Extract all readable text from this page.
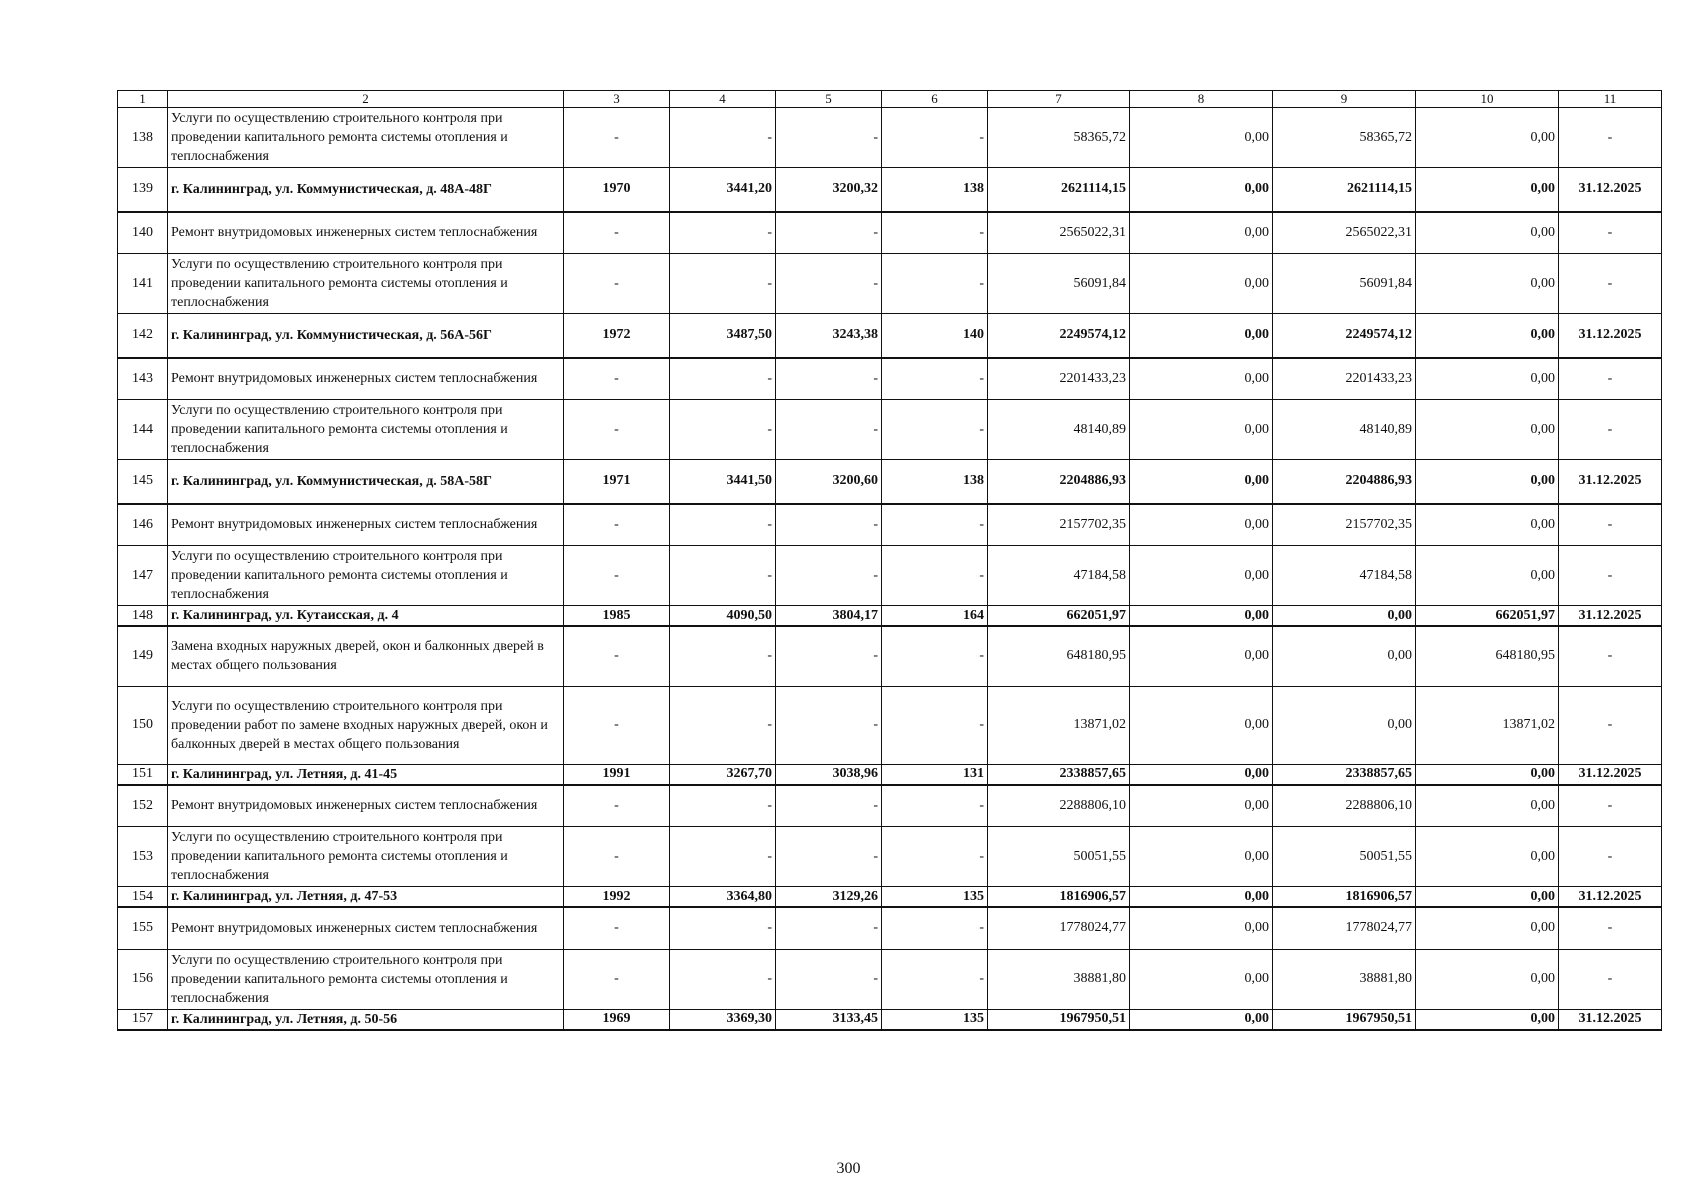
1	2	3	4	5	6	7	8	9	10	11
138	Услуги по осуществлению строительного контроля при проведении капитального ремонта системы отопления и теплоснабжения	-	-	-	-	58365,72	0,00	58365,72	0,00	-
139	г. Калининград, ул. Коммунистическая, д. 48А-48Г	1970	3441,20	3200,32	138	2621114,15	0,00	2621114,15	0,00	31.12.2025
140	Ремонт внутридомовых инженерных систем теплоснабжения	-	-	-	-	2565022,31	0,00	2565022,31	0,00	-
141	Услуги по осуществлению строительного контроля при проведении капитального ремонта системы отопления и теплоснабжения	-	-	-	-	56091,84	0,00	56091,84	0,00	-
142	г. Калининград, ул. Коммунистическая, д. 56А-56Г	1972	3487,50	3243,38	140	2249574,12	0,00	2249574,12	0,00	31.12.2025
143	Ремонт внутридомовых инженерных систем теплоснабжения	-	-	-	-	2201433,23	0,00	2201433,23	0,00	-
144	Услуги по осуществлению строительного контроля при проведении капитального ремонта системы отопления и теплоснабжения	-	-	-	-	48140,89	0,00	48140,89	0,00	-
145	г. Калининград, ул. Коммунистическая, д. 58А-58Г	1971	3441,50	3200,60	138	2204886,93	0,00	2204886,93	0,00	31.12.2025
146	Ремонт внутридомовых инженерных систем теплоснабжения	-	-	-	-	2157702,35	0,00	2157702,35	0,00	-
147	Услуги по осуществлению строительного контроля при проведении капитального ремонта системы отопления и теплоснабжения	-	-	-	-	47184,58	0,00	47184,58	0,00	-
148	г. Калининград, ул. Кутаисская, д. 4	1985	4090,50	3804,17	164	662051,97	0,00	0,00	662051,97	31.12.2025
149	Замена входных наружных дверей, окон и балконных дверей в местах общего пользования	-	-	-	-	648180,95	0,00	0,00	648180,95	-
150	Услуги по осуществлению строительного контроля при проведении работ по замене входных наружных дверей, окон и балконных дверей в местах общего пользования	-	-	-	-	13871,02	0,00	0,00	13871,02	-
151	г. Калининград, ул. Летняя, д. 41-45	1991	3267,70	3038,96	131	2338857,65	0,00	2338857,65	0,00	31.12.2025
152	Ремонт внутридомовых инженерных систем теплоснабжения	-	-	-	-	2288806,10	0,00	2288806,10	0,00	-
153	Услуги по осуществлению строительного контроля при проведении капитального ремонта системы отопления и теплоснабжения	-	-	-	-	50051,55	0,00	50051,55	0,00	-
154	г. Калининград, ул. Летняя, д. 47-53	1992	3364,80	3129,26	135	1816906,57	0,00	1816906,57	0,00	31.12.2025
155	Ремонт внутридомовых инженерных систем теплоснабжения	-	-	-	-	1778024,77	0,00	1778024,77	0,00	-
156	Услуги по осуществлению строительного контроля при проведении капитального ремонта системы отопления и теплоснабжения	-	-	-	-	38881,80	0,00	38881,80	0,00	-
157	г. Калининград, ул. Летняя, д. 50-56	1969	3369,30	3133,45	135	1967950,51	0,00	1967950,51	0,00	31.12.2025
300
